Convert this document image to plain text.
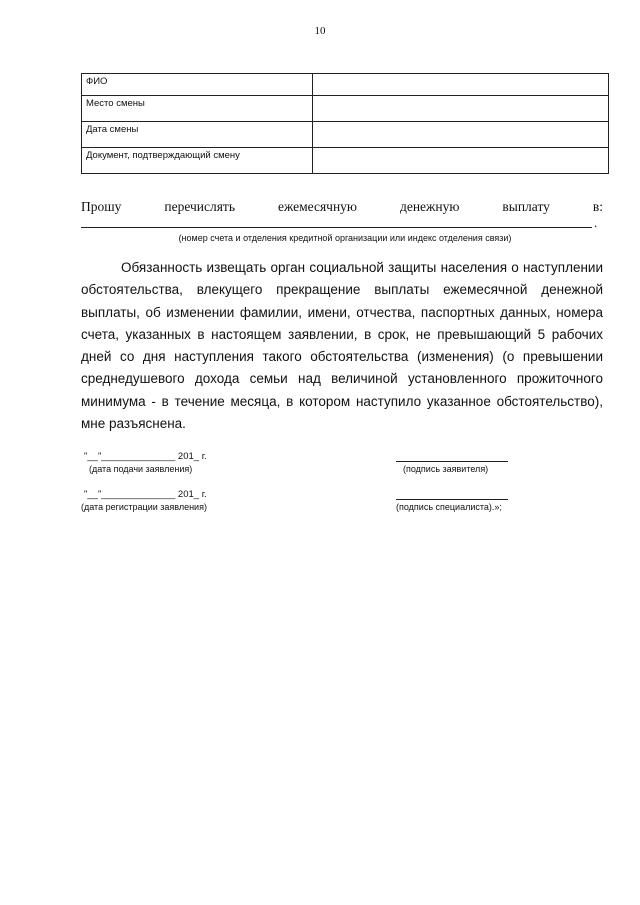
10
ФИО	
Место смены	
Дата смены	
Документ, подтверждающий смену	
Прошу	перечислять	ежемесячную	денежную	выплату	в:
.
(номер счета и отделения кредитной организации или индекс отделения связи)

Обязанность извещать орган социальной защиты населения о наступлении обстоятельства, влекущего прекращение выплаты ежемесячной денежной выплаты, об изменении фамилии, имени, отчества, паспортных данных, номера счета, указанных в настоящем заявлении, в срок, не превышающий 5 рабочих дней со дня наступления такого обстоятельства (изменения) (о превышении среднедушевого дохода семьи над величиной установленного прожиточного минимума - в течение месяца, в котором наступило указанное обстоятельство), мне разъяснена.

"__"______________ 201_ г.
(дата подачи заявления)	(подпись заявителя)
"__"______________ 201_ г.
(дата регистрации заявления)	(подпись специалиста).»;
